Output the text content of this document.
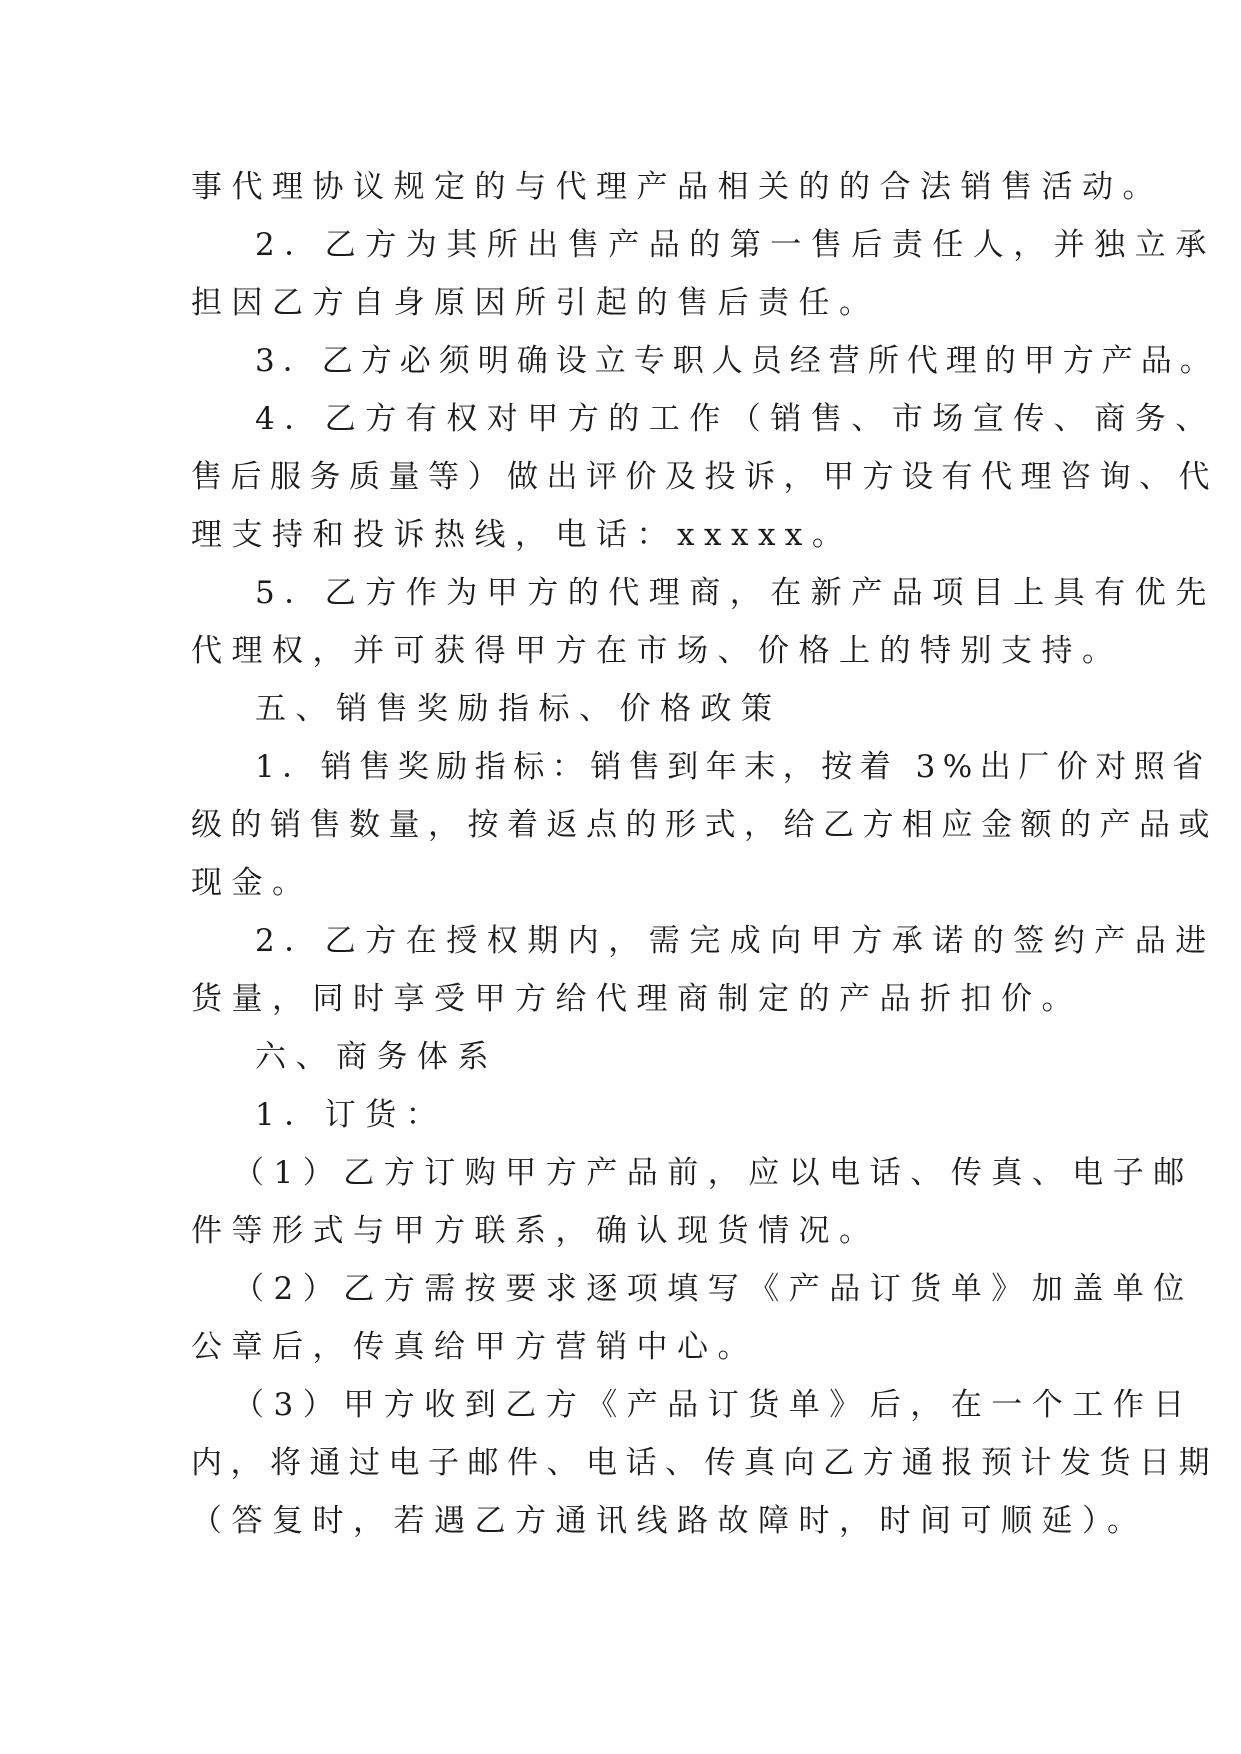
事代理协议规定的与代理产品相关的的合法销售活动。
2．乙方为其所出售产品的第一售后责任人，并独立承
担因乙方自身原因所引起的售后责任。
3．乙方必须明确设立专职人员经营所代理的甲方产品。
4．乙方有权对甲方的工作（销售、市场宣传、商务、
售后服务质量等）做出评价及投诉，甲方设有代理咨询、代
理支持和投诉热线，电话：xxxxx。
5．乙方作为甲方的代理商，在新产品项目上具有优先
代理权，并可获得甲方在市场、价格上的特别支持。
五、销售奖励指标、价格政策
1．销售奖励指标：销售到年末，按着 3%出厂价对照省
级的销售数量，按着返点的形式，给乙方相应金额的产品或
现金。
2．乙方在授权期内，需完成向甲方承诺的签约产品进
货量，同时享受甲方给代理商制定的产品折扣价。
六、商务体系
1．订货：
（1）乙方订购甲方产品前，应以电话、传真、电子邮
件等形式与甲方联系，确认现货情况。
（2）乙方需按要求逐项填写《产品订货单》加盖单位
公章后，传真给甲方营销中心。
（3）甲方收到乙方《产品订货单》后，在一个工作日
内，将通过电子邮件、电话、传真向乙方通报预计发货日期
（答复时，若遇乙方通讯线路故障时，时间可顺延）。
